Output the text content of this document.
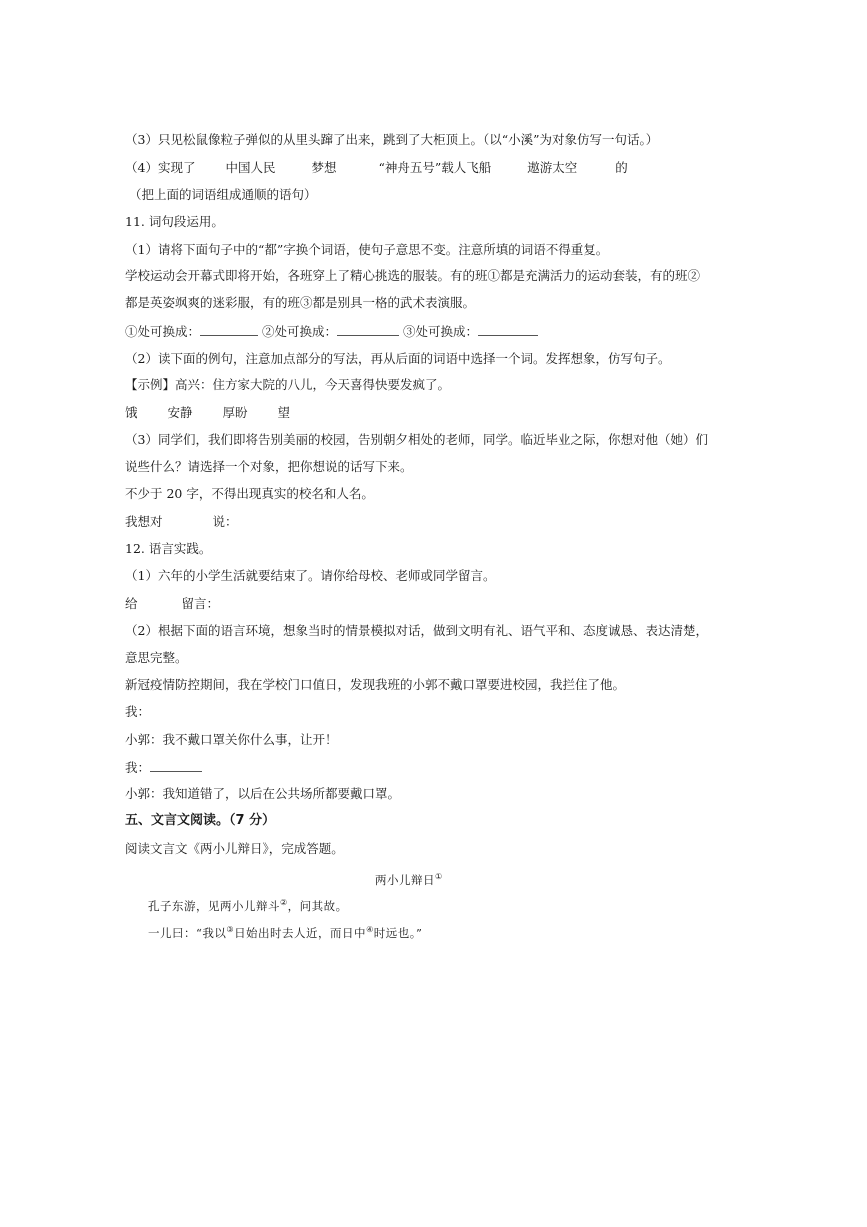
（3）只见松鼠像粒子弹似的从里头蹿了出来，跳到了大柜顶上。（以“小溪”为对象仿写一句话。）
（4）实现了 中国人民	梦想	“神舟五号”载人飞船	遨游太空	的
（把上面的词语组成通顺的语句）
11. 词句段运用。
（1）请将下面句子中的“都”字换个词语，使句子意思不变。注意所填的词语不得重复。
学校运动会开幕式即将开始，各班穿上了精心挑选的服装。有的班①都是充满活力的运动套装，有的班②
都是英姿飒爽的迷彩服，有的班③都是别具一格的武术表演服。
①处可换成：	②处可换成：	③处可换成：
（2）读下面的例句，注意加点部分的写法，再从后面的词语中选择一个词。发挥想象，仿写句子。
【示例】高兴：住方家大院的八儿，今天喜得快要发疯了。
饿 安静 厚盼 望
（3）同学们，我们即将告别美丽的校园，告别朝夕相处的老师，同学。临近毕业之际，你想对他（她）们
说些什么？请选择一个对象，把你想说的话写下来。
不少于 20 字，不得出现真实的校名和人名。
我想对	说：
12. 语言实践。
（1）六年的小学生活就要结束了。请你给母校、老师或同学留言。
给	留言：
（2）根据下面的语言环境，想象当时的情景模拟对话，做到文明有礼、语气平和、态度诚恳、表达清楚，
意思完整。
新冠疫情防控期间，我在学校门口值日，发现我班的小郭不戴口罩要进校园，我拦住了他。
我：
小郭：我不戴口罩关你什么事，让开！
我：
小郭：我知道错了，以后在公共场所都要戴口罩。
五、文言文阅读。（7 分）
阅读文言文《两小儿辩日》，完成答题。
两小儿辩日①
孔子东游，见两小儿辩斗②，问其故。
一儿曰：“我以③日始出时去人近，而日中④时远也。”
